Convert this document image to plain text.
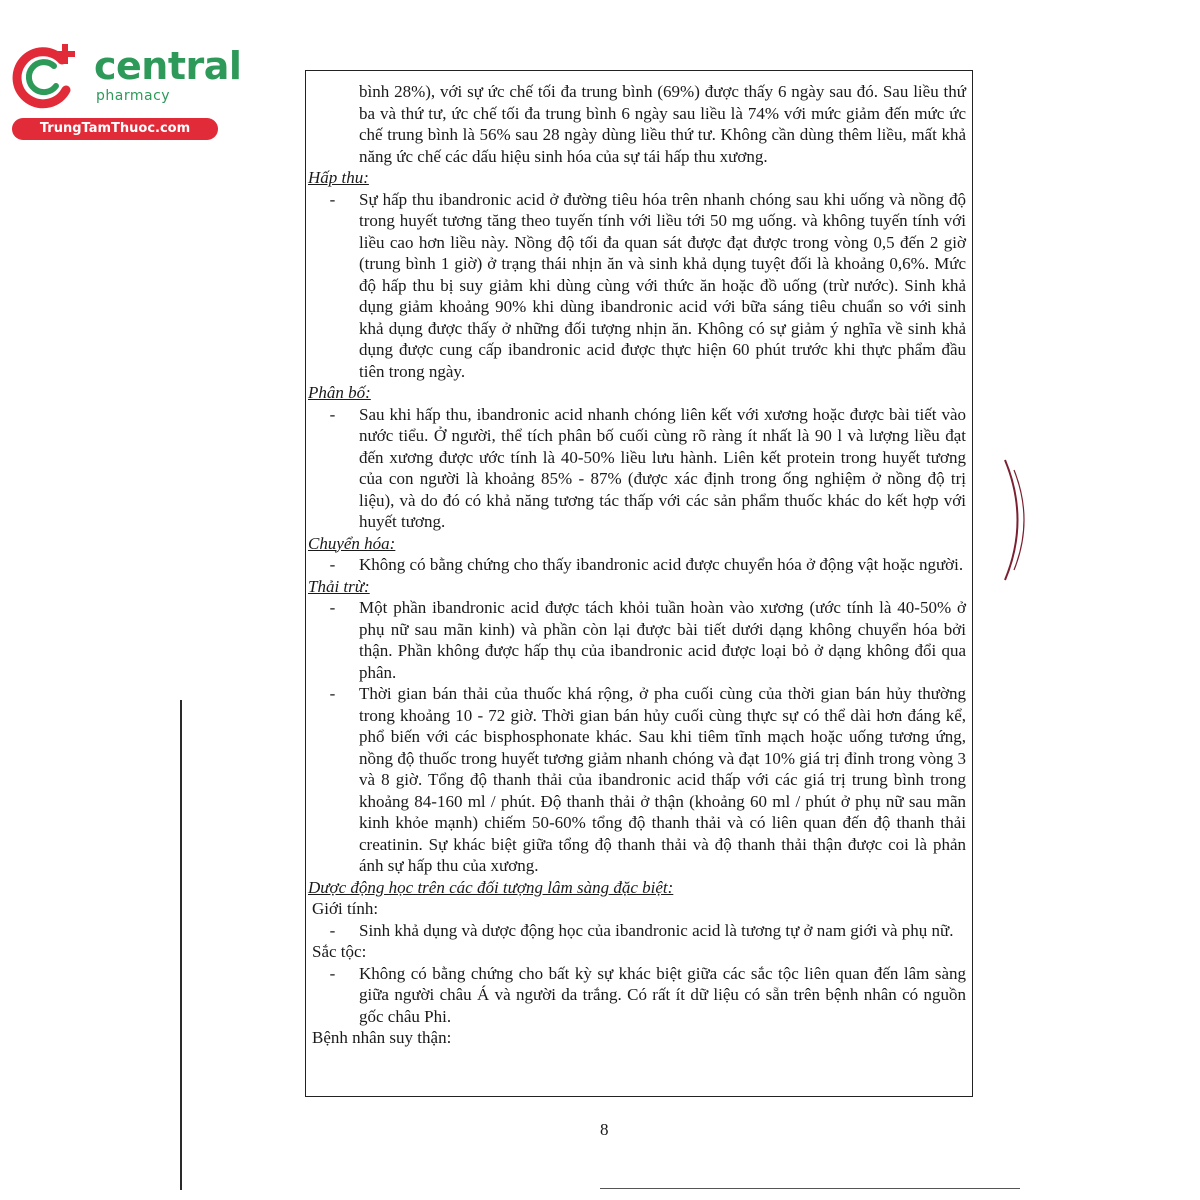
central
pharmacy
TrungTamThuoc.com

bình 28%), với sự ức chế tối đa trung bình (69%) được thấy 6 ngày sau đó. Sau liều thứ ba và thứ tư, ức chế tối đa trung bình 6 ngày sau liều là 74% với mức giảm đến mức ức chế trung bình là 56% sau 28 ngày dùng liều thứ tư. Không cần dùng thêm liều, mất khả năng ức chế các dấu hiệu sinh hóa của sự tái hấp thu xương.

Hấp thu:

-	Sự hấp thu ibandronic acid ở đường tiêu hóa trên nhanh chóng sau khi uống và nồng độ trong huyết tương tăng theo tuyến tính với liều tới 50 mg uống. và không tuyến tính với liều cao hơn liều này. Nồng độ tối đa quan sát được đạt được trong vòng 0,5 đến 2 giờ (trung bình 1 giờ) ở trạng thái nhịn ăn và sinh khả dụng tuyệt đối là khoảng 0,6%. Mức độ hấp thu bị suy giảm khi dùng cùng với thức ăn hoặc đồ uống (trừ nước). Sinh khả dụng giảm khoảng 90% khi dùng ibandronic acid với bữa sáng tiêu chuẩn so với sinh khả dụng được thấy ở những đối tượng nhịn ăn. Không có sự giảm ý nghĩa về sinh khả dụng được cung cấp ibandronic acid được thực hiện 60 phút trước khi thực phẩm đầu tiên trong ngày.

Phân bố:

-	Sau khi hấp thu, ibandronic acid nhanh chóng liên kết với xương hoặc được bài tiết vào nước tiểu. Ở người, thể tích phân bố cuối cùng rõ ràng ít nhất là 90 l và lượng liều đạt đến xương được ước tính là 40-50% liều lưu hành. Liên kết protein trong huyết tương của con người là khoảng 85% - 87% (được xác định trong ống nghiệm ở nồng độ trị liệu), và do đó có khả năng tương tác thấp với các sản phẩm thuốc khác do kết hợp với huyết tương.

Chuyển hóa:

-	Không có bằng chứng cho thấy ibandronic acid được chuyển hóa ở động vật hoặc người.

Thải trừ:

-	Một phần ibandronic acid được tách khỏi tuần hoàn vào xương (ước tính là 40-50% ở phụ nữ sau mãn kinh) và phần còn lại được bài tiết dưới dạng không chuyển hóa bởi thận. Phần không được hấp thụ của ibandronic acid được loại bỏ ở dạng không đổi qua phân.
-	Thời gian bán thải của thuốc khá rộng, ở pha cuối cùng của thời gian bán hủy thường trong khoảng 10 - 72 giờ. Thời gian bán hủy cuối cùng thực sự có thể dài hơn đáng kể, phổ biến với các bisphosphonate khác. Sau khi tiêm tĩnh mạch hoặc uống tương ứng, nồng độ thuốc trong huyết tương giảm nhanh chóng và đạt 10% giá trị đỉnh trong vòng 3 và 8 giờ. Tổng độ thanh thải của ibandronic acid thấp với các giá trị trung bình trong khoảng 84-160 ml / phút. Độ thanh thải ở thận (khoảng 60 ml / phút ở phụ nữ sau mãn kinh khỏe mạnh) chiếm 50-60% tổng độ thanh thải và có liên quan đến độ thanh thải creatinin. Sự khác biệt giữa tổng độ thanh thải và độ thanh thải thận được coi là phản ánh sự hấp thu của xương.

Dược động học trên các đối tượng lâm sàng đặc biệt:

Giới tính:

-	Sinh khả dụng và dược động học của ibandronic acid là tương tự ở nam giới và phụ nữ.

Sắc tộc:

-	Không có bằng chứng cho bất kỳ sự khác biệt giữa các sắc tộc liên quan đến lâm sàng giữa người châu Á và người da trắng. Có rất ít dữ liệu có sẵn trên bệnh nhân có nguồn gốc châu Phi.

Bệnh nhân suy thận:

8
